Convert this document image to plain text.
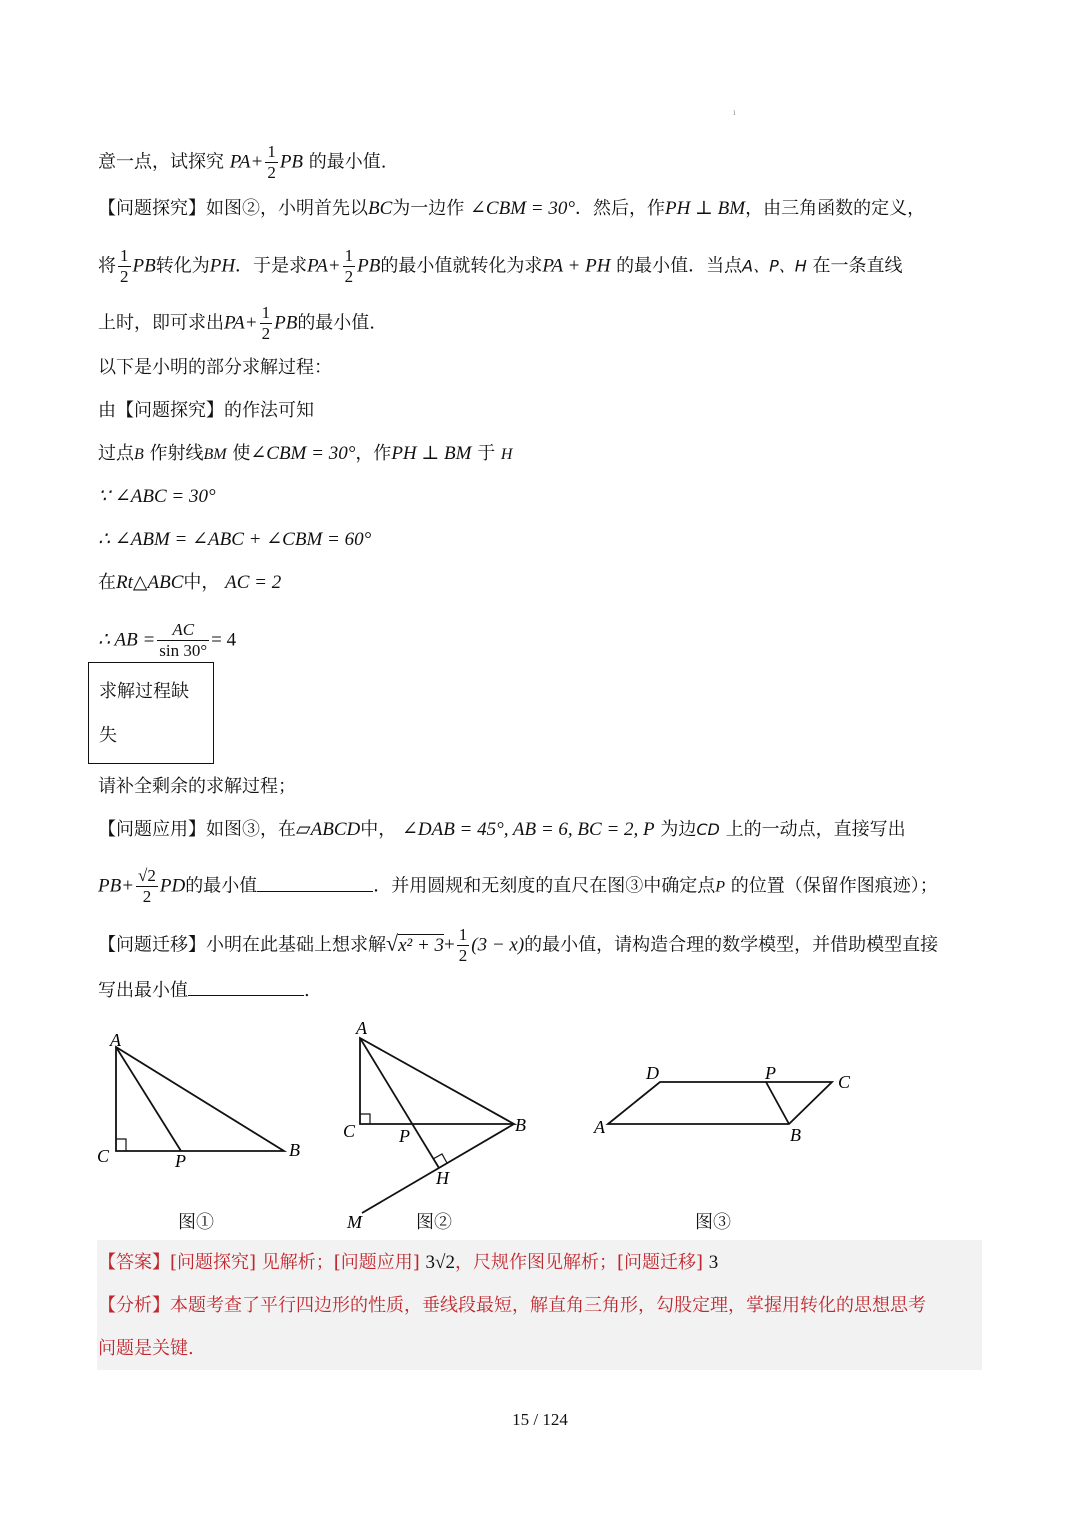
ı
意一点，试探究 $PA+ \frac{1}{2}$ PB 的最小值.
【问题探究】如图②，小明首先以BC为一边作 ∠CBM = 30°．然后，作PH ⊥ BM，由三角函数的定义，
将 $\frac{1}{2}$ PB转化为PH．于是求$PA+ \frac{1}{2}$ PB的最小值就转化为求PA + PH 的最小值．当点A、P、H 在一条直线
上时，即可求出$PA+ \frac{1}{2}$ PB的最小值.
以下是小明的部分求解过程：
由【问题探究】的作法可知
过点B 作射线BM 使∠CBM = 30°，作PH ⊥ BM 于 H
∵ ∠ABC = 30°
∴ ∠ABM = ∠ABC + ∠CBM = 60°
在Rt△ABC中， AC = 2
∴ AB = $\frac{AC}{\sin 30^\circ} = 4$
求解过程缺
失
请补全剩余的求解过程；
【问题应用】如图③，在▱ABCD中， ∠DAB = 45°, AB = 6, BC = 2, P 为边CD 上的一动点，直接写出
$PB+ \frac{√2}{2}$ PD的最小值	．并用圆规和无刻度的直尺在图③中确定点P 的位置（保留作图痕迹）；
【问题迁移】小明在此基础上想求解$√x^2 + 3+ \frac{1}{2} (3 - x)$的最小值，请构造合理的数学模型，并借助模型直接
写出最小值	.
A
C	P
B
A
C P
B
H
M
D	P	C
A	B
图①	图②	图③
【答案】[问题探究] 见解析；[问题应用] 3√2，尺规作图见解析；[问题迁移] 3
【分析】本题考查了平行四边形的性质，垂线段最短，解直角三角形，勾股定理，掌握用转化的思想思考
问题是关键.
15 / 124
